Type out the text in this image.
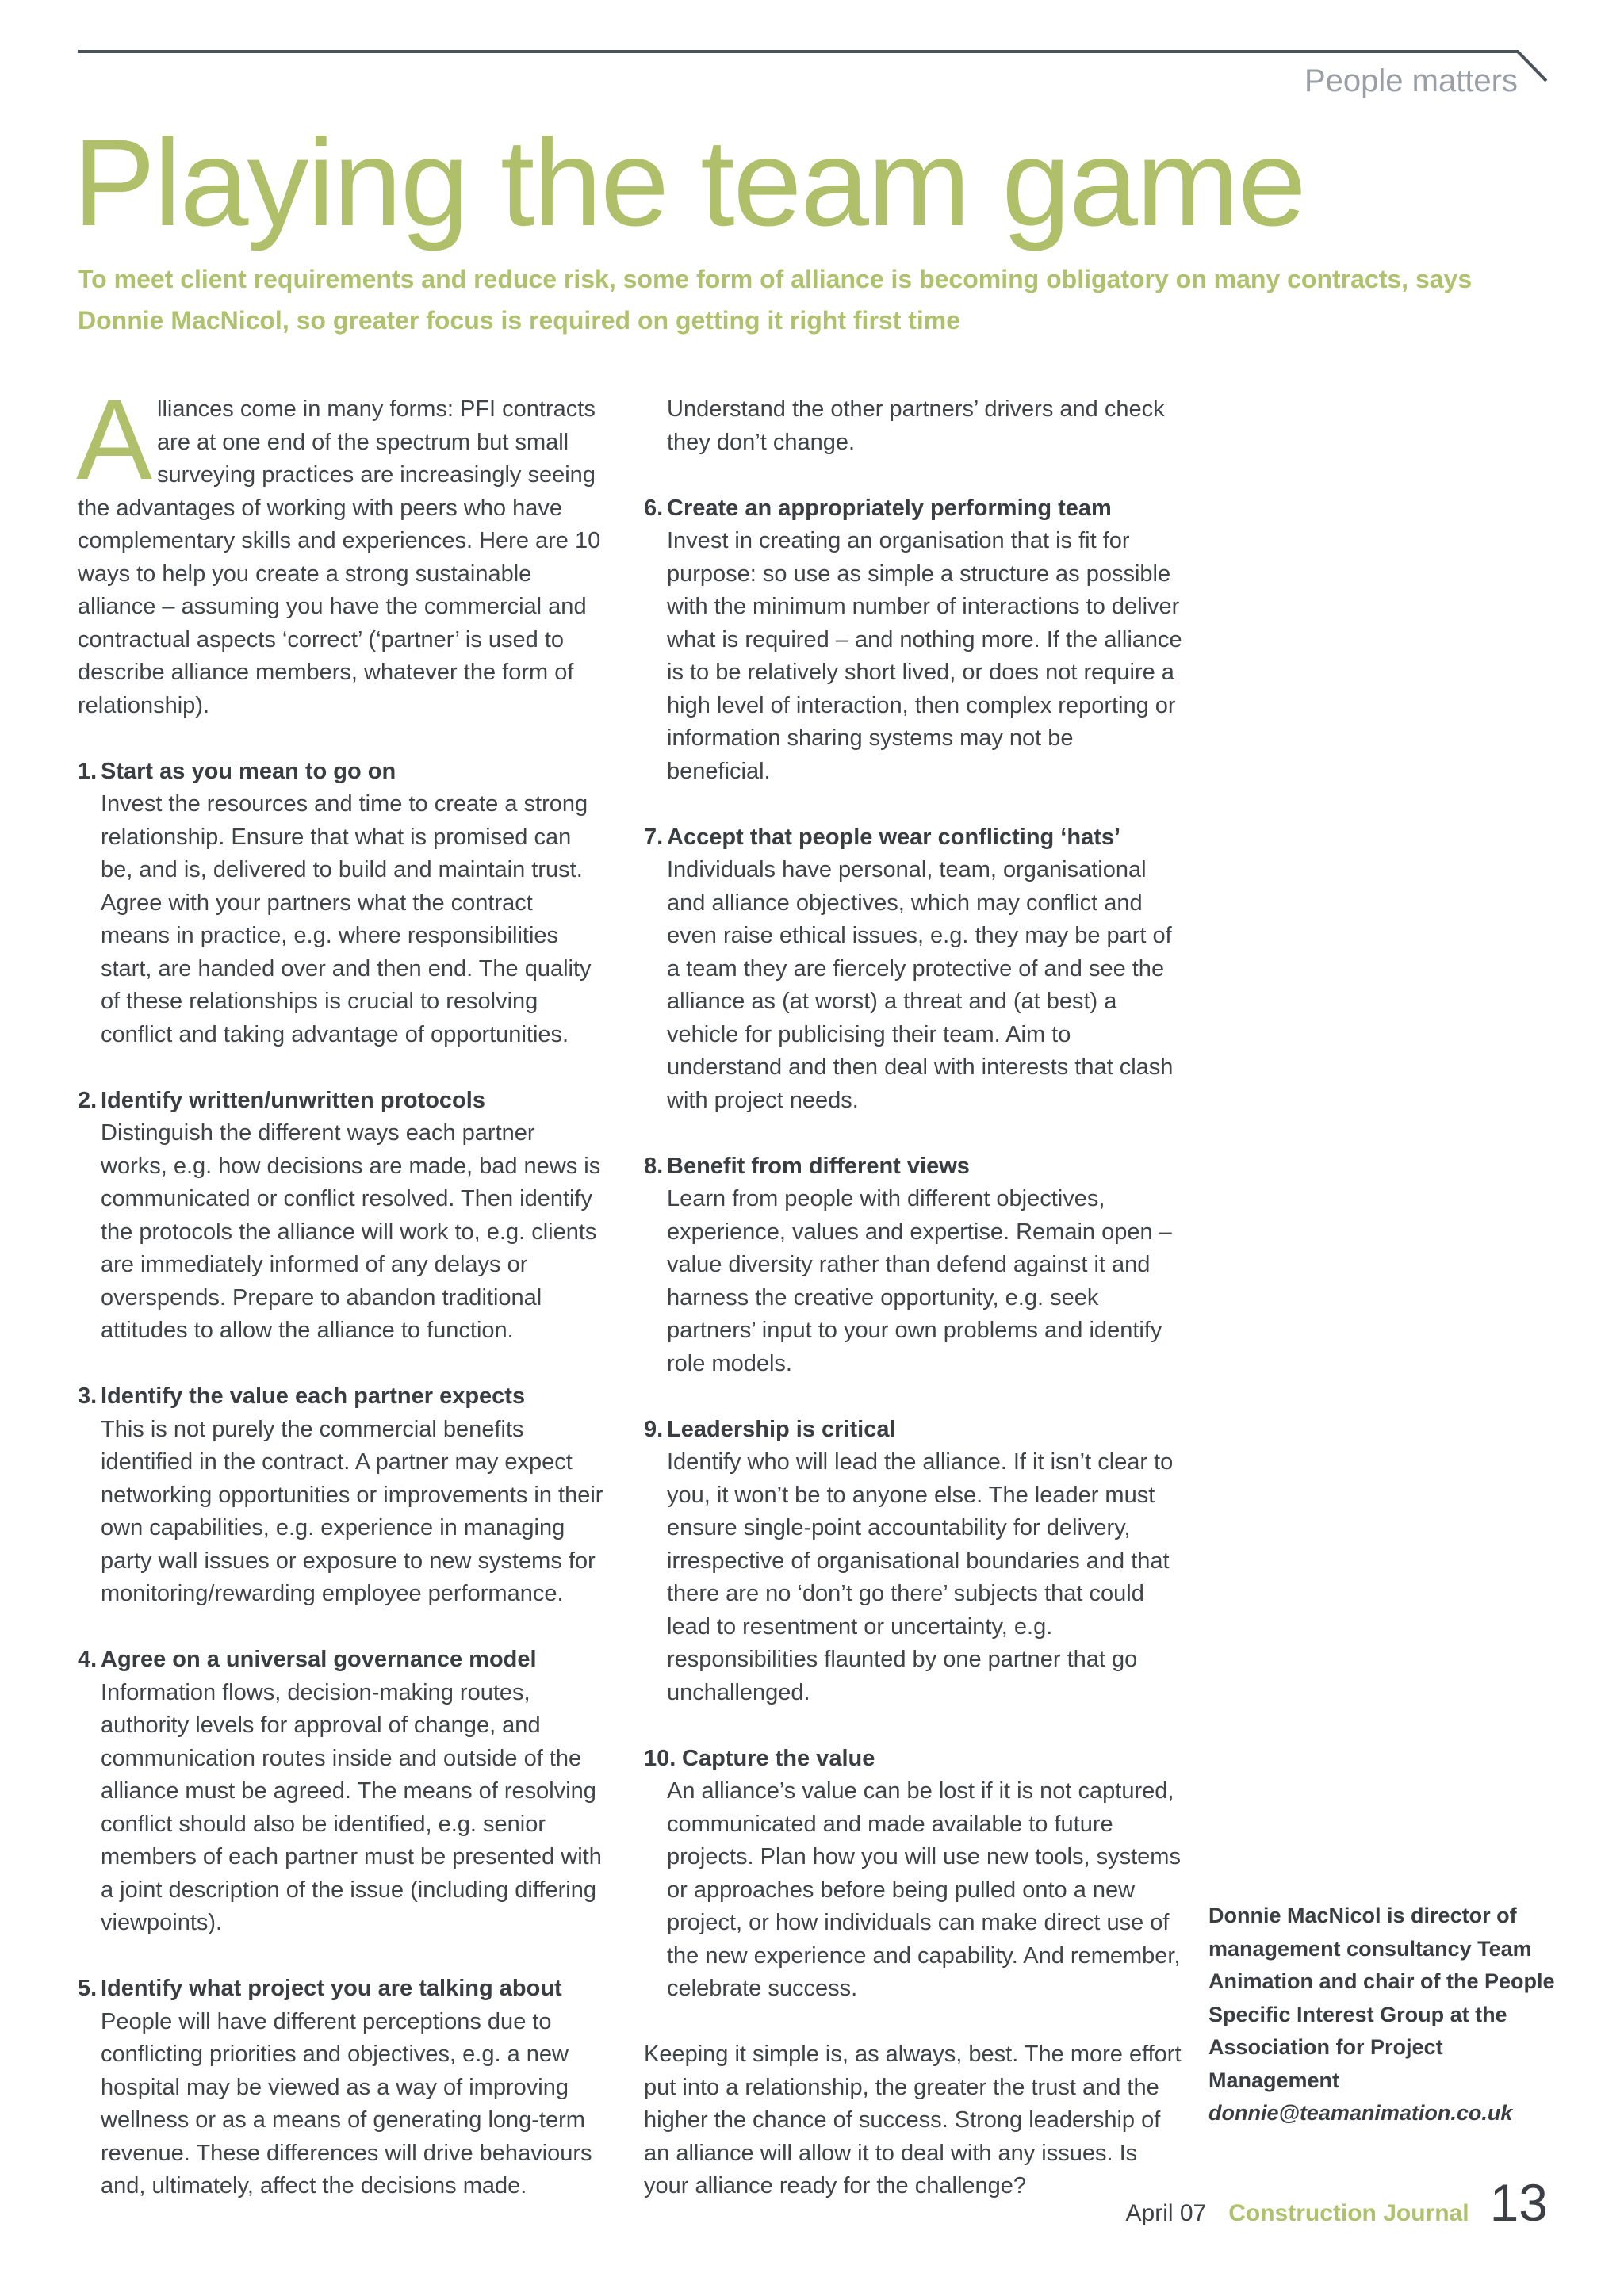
People matters
Playing the team game
To meet client requirements and reduce risk, some form of alliance is becoming obligatory on many contracts, says Donnie MacNicol, so greater focus is required on getting it right first time

Alliances come in many forms: PFI contracts are at one end of the spectrum but small surveying practices are increasingly seeing the advantages of working with peers who have complementary skills and experiences. Here are 10 ways to help you create a strong sustainable alliance – assuming you have the commercial and contractual aspects ‘correct’ (‘partner’ is used to describe alliance members, whatever the form of relationship).

1. Start as you mean to go on

Invest the resources and time to create a strong relationship. Ensure that what is promised can be, and is, delivered to build and maintain trust. Agree with your partners what the contract means in practice, e.g. where responsibilities start, are handed over and then end. The quality of these relationships is crucial to resolving conflict and taking advantage of opportunities.

2. Identify written/unwritten protocols

Distinguish the different ways each partner works, e.g. how decisions are made, bad news is communicated or conflict resolved. Then identify the protocols the alliance will work to, e.g. clients are immediately informed of any delays or overspends. Prepare to abandon traditional attitudes to allow the alliance to function.

3. Identify the value each partner expects

This is not purely the commercial benefits identified in the contract. A partner may expect networking opportunities or improvements in their own capabilities, e.g. experience in managing party wall issues or exposure to new systems for monitoring/rewarding employee performance.

4. Agree on a universal governance model

Information flows, decision-making routes, authority levels for approval of change, and communication routes inside and outside of the alliance must be agreed. The means of resolving conflict should also be identified, e.g. senior members of each partner must be presented with a joint description of the issue (including differing viewpoints).

5. Identify what project you are talking about

People will have different perceptions due to conflicting priorities and objectives, e.g. a new hospital may be viewed as a way of improving wellness or as a means of generating long-term revenue. These differences will drive behaviours and, ultimately, affect the decisions made.

Understand the other partners’ drivers and check they don’t change.

6. Create an appropriately performing team

Invest in creating an organisation that is fit for purpose: so use as simple a structure as possible with the minimum number of interactions to deliver what is required – and nothing more. If the alliance is to be relatively short lived, or does not require a high level of interaction, then complex reporting or information sharing systems may not be beneficial.

7. Accept that people wear conflicting ‘hats’

Individuals have personal, team, organisational and alliance objectives, which may conflict and even raise ethical issues, e.g. they may be part of a team they are fiercely protective of and see the alliance as (at worst) a threat and (at best) a vehicle for publicising their team. Aim to understand and then deal with interests that clash with project needs.

8. Benefit from different views

Learn from people with different objectives, experience, values and expertise. Remain open – value diversity rather than defend against it and harness the creative opportunity, e.g. seek partners’ input to your own problems and identify role models.

9. Leadership is critical

Identify who will lead the alliance. If it isn’t clear to you, it won’t be to anyone else. The leader must ensure single-point accountability for delivery, irrespective of organisational boundaries and that there are no ‘don’t go there’ subjects that could lead to resentment or uncertainty, e.g. responsibilities flaunted by one partner that go unchallenged.

10. Capture the value

An alliance’s value can be lost if it is not captured, communicated and made available to future projects. Plan how you will use new tools, systems or approaches before being pulled onto a new project, or how individuals can make direct use of the new experience and capability. And remember, celebrate success.

Keeping it simple is, as always, best. The more effort put into a relationship, the greater the trust and the higher the chance of success. Strong leadership of an alliance will allow it to deal with any issues. Is your alliance ready for the challenge?

Donnie MacNicol is director of management consultancy Team Animation and chair of the People Specific Interest Group at the Association for Project Management
donnie@teamanimation.co.uk
April 07 Construction Journal 13
